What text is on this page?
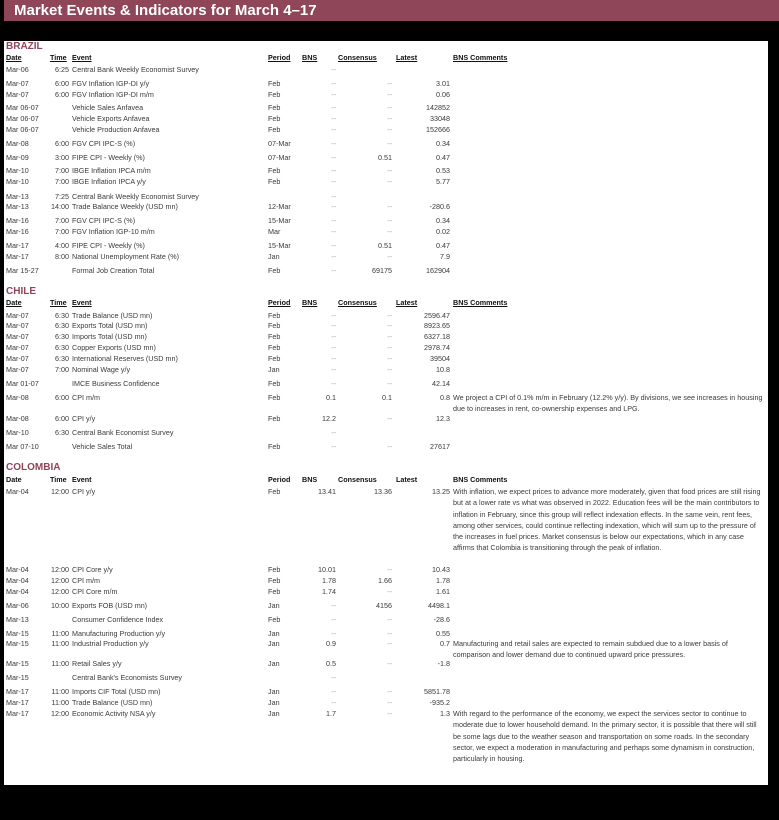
Market Events & Indicators for March 4–17
BRAZIL
CHILE
COLOMBIA
Date	Time Event	Period BNS	Consensus	Latest	BNS Comments
Mar-06	6:25 Central Bank Weekly Economist Survey	--
Mar-07	6:00 FGV Inflation IGP-DI y/y	Feb	--	--	3.01
Mar-07	6:00 FGV Inflation IGP-DI m/m	Feb	--	--	0.06
Mar 06-07	Vehicle Sales Anfavea	Feb	--	--	142852
Mar 06-07	Vehicle Exports Anfavea	Feb	--	--	33048
Mar 06-07	Vehicle Production Anfavea	Feb	--	--	152666
Mar-08	6:00 FGV CPI IPC-S (%)	07-Mar	--	--	0.34
Mar-09	3:00 FIPE CPI - Weekly (%)	07-Mar	--	0.51	0.47
Mar-10	7:00 IBGE Inflation IPCA m/m	Feb	--	--	0.53
Mar-10	7:00 IBGE Inflation IPCA y/y	Feb	--	--	5.77
Mar-13	7:25 Central Bank Weekly Economist Survey	--
Mar-13	14:00 Trade Balance Weekly (USD mn)	12-Mar	--	--	-280.6
Mar-16	7:00 FGV CPI IPC-S (%)	15-Mar	--	--	0.34
Mar-16	7:00 FGV Inflation IGP-10 m/m	Mar	--	--	0.02
Mar-17	4:00 FIPE CPI - Weekly (%)	15-Mar	--	0.51	0.47
Mar-17	8:00 National Unemployment Rate (%)	Jan	--	--	7.9
Mar 15-27	Formal Job Creation Total	Feb	--	69175	162904
Date	Time Event	Period BNS	Consensus	Latest	BNS Comments
Mar-07	6:30 Trade Balance (USD mn)	Feb	--	--	2596.47
Mar-07	6:30 Exports Total (USD mn)	Feb	--	--	8923.65
Mar-07	6:30 Imports Total (USD mn)	Feb	--	--	6327.18
Mar-07	6:30 Copper Exports (USD mn)	Feb	--	--	2978.74
Mar-07	6:30 International Reserves (USD mn)	Feb	--	--	39504
Mar-07	7:00 Nominal Wage y/y	Jan	--	--	10.8
Mar 01-07	IMCE Business Confidence	Feb	--	--	42.14
Mar-08	6:00 CPI m/m	Feb	0.1	0.1	0.8 We project a CPI of 0.1% m/m in February (12.2% y/y). By divisions, we see increases in housing due to increases in rent, co-ownership expenses and LPG.
Mar-08	6:00 CPI y/y	Feb	12.2	--	12.3
Mar-10	6:30 Central Bank Economist Survey	--
Mar 07-10	Vehicle Sales Total	Feb	--	--	27617
Date	Time Event	Period BNS	Consensus	Latest	BNS Comments
Mar-04	12:00 CPI y/y	Feb	13.41	13.36	13.25 With inflation, we expect prices to advance more moderately, given that food prices are still rising but at a lower rate vs what was observed in 2022. Education fees will be the main contributors to inflation in February, since this group will reflect indexation effects. In the same vein, rent fees, among other services, could continue reflecting indexation, which will sum up to the pressure of the increases in fuel prices. Market consensus is below our expectations, which in any case affirms that Colombia is transitioning through the peak of inflation.
Mar-04	12:00 CPI Core y/y	Feb	10.01	--	10.43
Mar-04	12:00 CPI m/m	Feb	1.78	1.66	1.78
Mar-04	12:00 CPI Core m/m	Feb	1.74	--	1.61
Mar-06	10:00 Exports FOB (USD mn)	Jan	--	4156	4498.1
Mar-13	Consumer Confidence Index	Feb	--	--	-28.6
Mar-15	11:00 Manufacturing Production y/y	Jan	--	--	0.55
Mar-15	11:00 Industrial Production y/y	Jan	0.9	--	0.7 Manufacturing and retail sales are expected to remain subdued due to a lower basis of comparison and lower demand due to continued upward price pressures.
Mar-15	11:00 Retail Sales y/y	Jan	0.5	--	-1.8
Mar-15	Central Bank's Economists Survey	--
Mar-17	11:00 Imports CIF Total (USD mn)	Jan	--	--	5851.78
Mar-17	11:00 Trade Balance (USD mn)	Jan	--	--	-935.2
Mar-17	12:00 Economic Activity NSA y/y	Jan	1.7	--	1.3 With regard to the performance of the economy, we expect the services sector to continue to moderate due to lower household demand. In the primary sector, it is possible that there will still be some lags due to the weather season and transportation on some roads. In the secondary sector, we expect a moderation in manufacturing and perhaps some dynamism in construction, particularly in housing.
